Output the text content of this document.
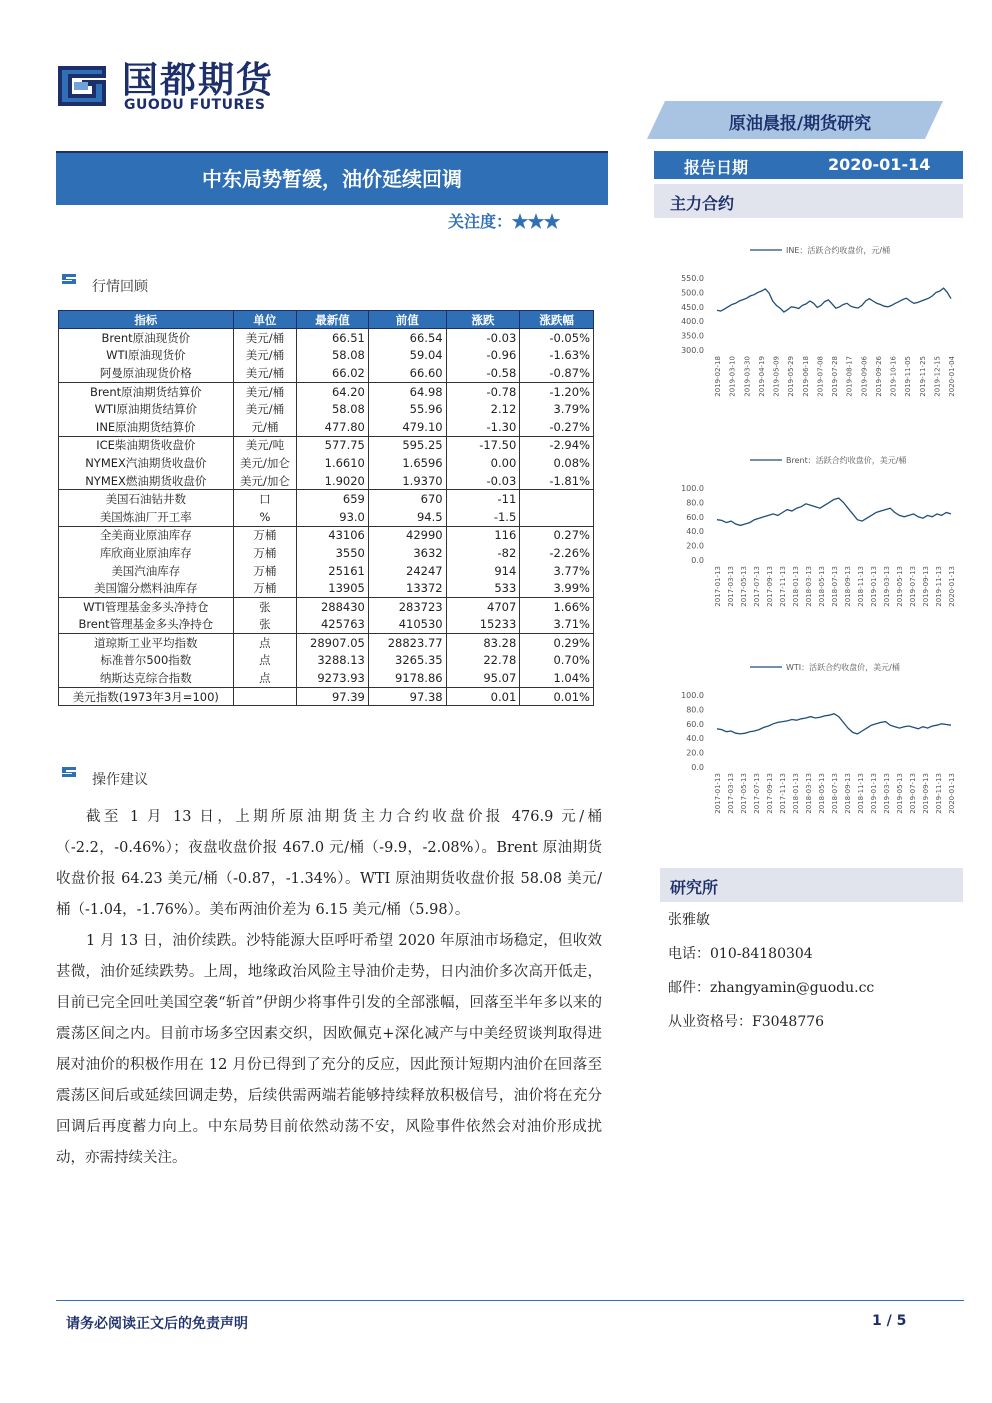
国都期货
GUODU FUTURES
原油晨报/期货研究
中东局势暂缓，油价延续回调
关注度：★★★
报告日期	2020-01-14
主力合约
行情回顾
指标	单位	最新值	前值	涨跌	涨跌幅
Brent原油现货价	美元/桶	66.51	66.54	-0.03	-0.05%
WTI原油现货价	美元/桶	58.08	59.04	-0.96	-1.63%
阿曼原油现货价格	美元/桶	66.02	66.60	-0.58	-0.87%
Brent原油期货结算价	美元/桶	64.20	64.98	-0.78	-1.20%
WTI原油期货结算价	美元/桶	58.08	55.96	2.12	3.79%
INE原油期货结算价	元/桶	477.80	479.10	-1.30	-0.27%
ICE柴油期货收盘价	美元/吨	577.75	595.25	-17.50	-2.94%
NYMEX汽油期货收盘价	美元/加仑	1.6610	1.6596	0.00	0.08%
NYMEX燃油期货收盘价	美元/加仑	1.9020	1.9370	-0.03	-1.81%
美国石油钻井数	口	659	670	-11	
美国炼油厂开工率	%	93.0	94.5	-1.5	
全美商业原油库存	万桶	43106	42990	116	0.27%
库欣商业原油库存	万桶	3550	3632	-82	-2.26%
美国汽油库存	万桶	25161	24247	914	3.77%
美国馏分燃料油库存	万桶	13905	13372	533	3.99%
WTI管理基金多头净持仓	张	288430	283723	4707	1.66%
Brent管理基金多头净持仓	张	425763	410530	15233	3.71%
道琼斯工业平均指数	点	28907.05	28823.77	83.28	0.29%
标准普尔500指数	点	3288.13	3265.35	22.78	0.70%
纳斯达克综合指数	点	9273.93	9178.86	95.07	1.04%
美元指数(1973年3月=100)		97.39	97.38	0.01	0.01%
操作建议

截至 1 月 13 日，上期所原油期货主力合约收盘价报 476.9 元/桶（-2.2，-0.46%）；夜盘收盘价报 467.0 元/桶（-9.9，-2.08%）。Brent 原油期货收盘价报 64.23 美元/桶（-0.87，-1.34%）。WTI 原油期货收盘价报 58.08 美元/桶（-1.04，-1.76%）。美布两油价差为 6.15 美元/桶（5.98）。

1 月 13 日，油价续跌。沙特能源大臣呼吁希望 2020 年原油市场稳定，但收效甚微，油价延续跌势。上周，地缘政治风险主导油价走势，日内油价多次高开低走，目前已完全回吐美国空袭“斩首”伊朗少将事件引发的全部涨幅，回落至半年多以来的震荡区间之内。目前市场多空因素交织，因欧佩克+深化减产与中美经贸谈判取得进展对油价的积极作用在 12 月份已得到了充分的反应，因此预计短期内油价在回落至震荡区间后或延续回调走势，后续供需两端若能够持续释放积极信号，油价将在充分回调后再度蓄力向上。中东局势目前依然动荡不安，风险事件依然会对油价形成扰动，亦需持续关注。

INE：活跃合约收盘价，元/桶
550.0
500.0
450.0
400.0
350.0
300.0
2019-02-18 2019-03-10 2019-03-30 2019-04-19 2019-05-09 2019-05-29 2019-06-18 2019-07-08 2019-07-28 2019-08-17 2019-09-06 2019-09-26 2019-10-16 2019-11-05 2019-11-25 2019-12-15 2020-01-04
Brent：活跃合约收盘价，美元/桶
100.0
80.0
60.0
40.0
20.0
0.0
2017-01-13 2017-03-13 2017-05-13 2017-07-13 2017-09-13 2017-11-13 2018-01-13 2018-03-13 2018-05-13 2018-07-13 2018-09-13 2018-11-13 2019-01-13 2019-03-13 2019-05-13 2019-07-13 2019-09-13 2019-11-13 2020-01-13
WTI：活跃合约收盘价，美元/桶
100.0
80.0
60.0
40.0
20.0
0.0
2017-01-13 2017-03-13 2017-05-13 2017-07-13 2017-09-13 2017-11-13 2018-01-13 2018-03-13 2018-05-13 2018-07-13 2018-09-13 2018-11-13 2019-01-13 2019-03-13 2019-05-13 2019-07-13 2019-09-13 2019-11-13 2020-01-13
研究所
张雅敏
电话：010-84180304
邮件：zhangyamin@guodu.cc
从业资格号：F3048776
请务必阅读正文后的免责声明	1 / 5
